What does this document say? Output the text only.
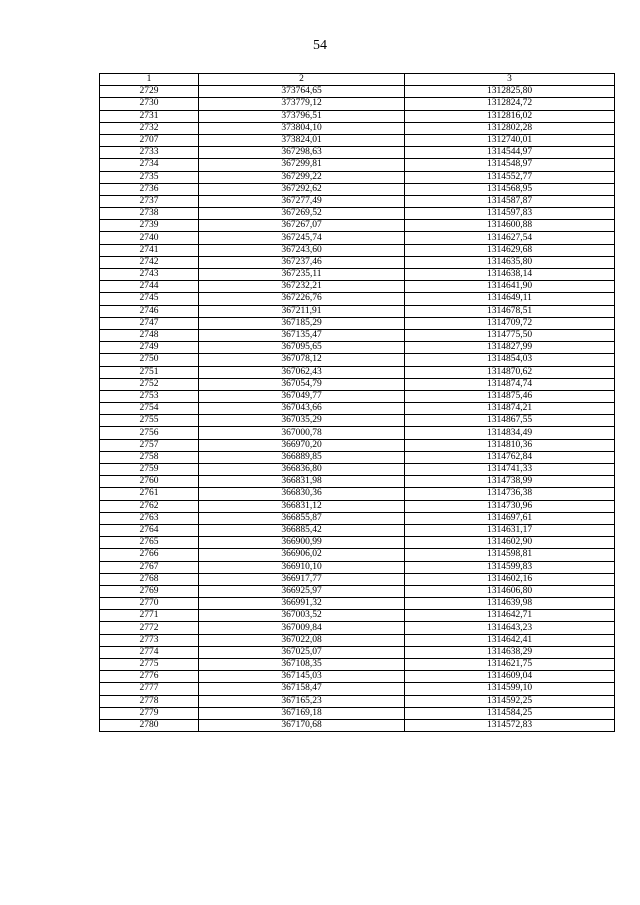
54
1	2	3
2729	373764,65	1312825,80
2730	373779,12	1312824,72
2731	373796,51	1312816,02
2732	373804,10	1312802,28
2707	373824,01	1312740,01
2733	367298,63	1314544,97
2734	367299,81	1314548,97
2735	367299,22	1314552,77
2736	367292,62	1314568,95
2737	367277,49	1314587,87
2738	367269,52	1314597,83
2739	367267,07	1314600,88
2740	367245,74	1314627,54
2741	367243,60	1314629,68
2742	367237,46	1314635,80
2743	367235,11	1314638,14
2744	367232,21	1314641,90
2745	367226,76	1314649,11
2746	367211,91	1314678,51
2747	367185,29	1314709,72
2748	367135,47	1314775,50
2749	367095,65	1314827,99
2750	367078,12	1314854,03
2751	367062,43	1314870,62
2752	367054,79	1314874,74
2753	367049,77	1314875,46
2754	367043,66	1314874,21
2755	367035,29	1314867,55
2756	367000,78	1314834,49
2757	366970,20	1314810,36
2758	366889,85	1314762,84
2759	366836,80	1314741,33
2760	366831,98	1314738,99
2761	366830,36	1314736,38
2762	366831,12	1314730,96
2763	366855,87	1314697,61
2764	366885,42	1314631,17
2765	366900,99	1314602,90
2766	366906,02	1314598,81
2767	366910,10	1314599,83
2768	366917,77	1314602,16
2769	366925,97	1314606,80
2770	366991,32	1314639,98
2771	367003,52	1314642,71
2772	367009,84	1314643,23
2773	367022,08	1314642,41
2774	367025,07	1314638,29
2775	367108,35	1314621,75
2776	367145,03	1314609,04
2777	367158,47	1314599,10
2778	367165,23	1314592,25
2779	367169,18	1314584,25
2780	367170,68	1314572,83
